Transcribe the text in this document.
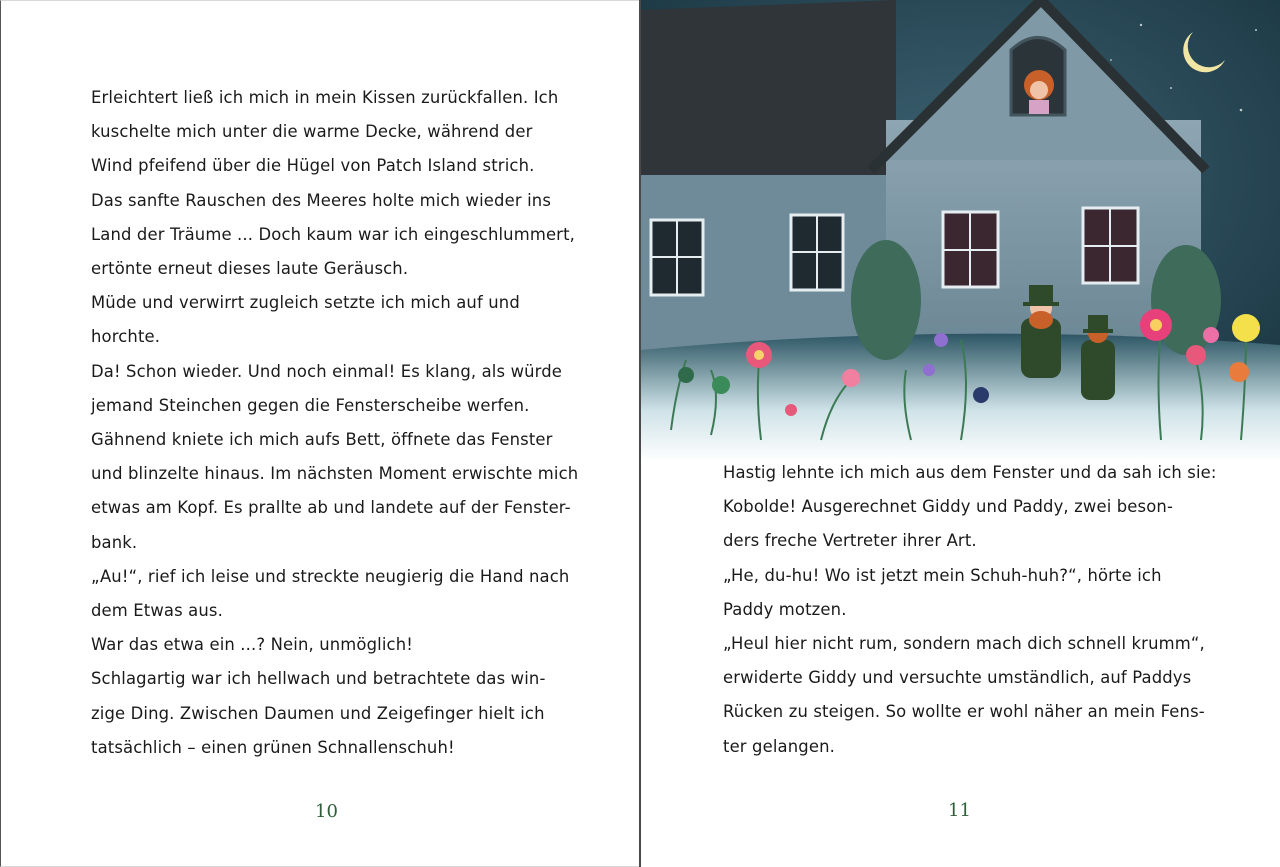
Erleichtert ließ ich mich in mein Kissen zurückfallen. Ich
kuschelte mich unter die warme Decke, während der
Wind pfeifend über die Hügel von Patch Island strich.
Das sanfte Rauschen des Meeres holte mich wieder ins
Land der Träume ... Doch kaum war ich eingeschlummert,
ertönte erneut dieses laute Geräusch.

Müde und verwirrt zugleich setzte ich mich auf und
horchte.

Da! Schon wieder. Und noch einmal! Es klang, als würde
jemand Steinchen gegen die Fensterscheibe werfen.
Gähnend kniete ich mich aufs Bett, öffnete das Fenster
und blinzelte hinaus. Im nächsten Moment erwischte mich
etwas am Kopf. Es prallte ab und landete auf der Fenster-
bank.

„Au!“, rief ich leise und streckte neugierig die Hand nach
dem Etwas aus.

War das etwa ein ...? Nein, unmöglich!

Schlagartig war ich hellwach und betrachtete das win-
zige Ding. Zwischen Daumen und Zeigefinger hielt ich
tatsächlich – einen grünen Schnallenschuh!

10

Hastig lehnte ich mich aus dem Fenster und da sah ich sie:
Kobolde! Ausgerechnet Giddy und Paddy, zwei beson-
ders freche Vertreter ihrer Art.

„He, du-hu! Wo ist jetzt mein Schuh-huh?“, hörte ich
Paddy motzen.

„Heul hier nicht rum, sondern mach dich schnell krumm“,
erwiderte Giddy und versuchte umständlich, auf Paddys
Rücken zu steigen. So wollte er wohl näher an mein Fens-
ter gelangen.

11
